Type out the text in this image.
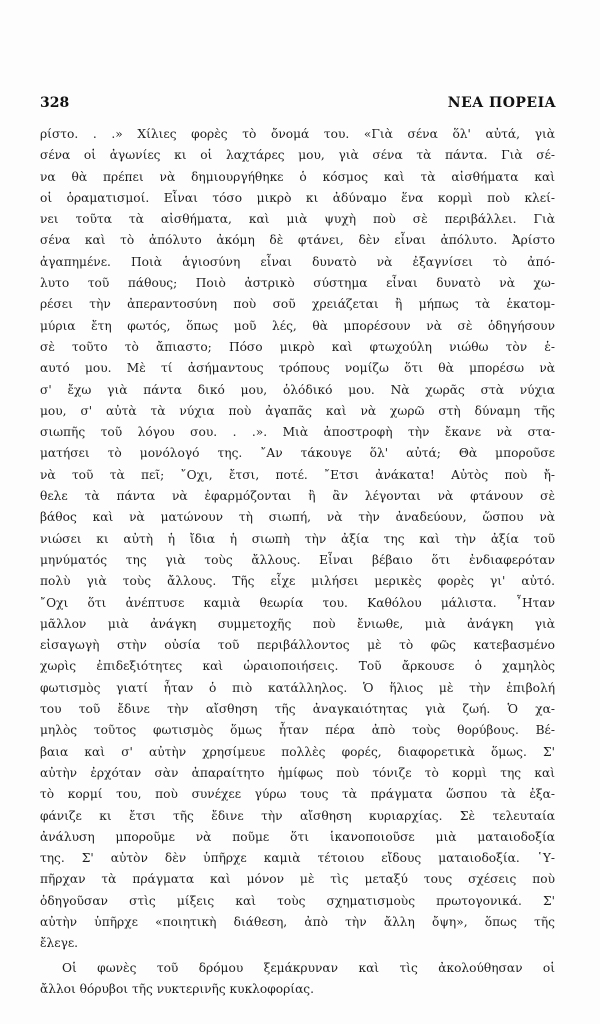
328	ΝΕΑ ΠΟΡΕΙΑ
ρίστο. . .» Χίλιες φορὲς τὸ ὄνομά του. «Γιὰ σένα ὅλ' αὐτά, γιὰ
σένα οἱ ἀγωνίες κι οἱ λαχτάρες μου, γιὰ σένα τὰ πάντα. Γιὰ σέ-
να θὰ πρέπει νὰ δημιουργήθηκε ὁ κόσμος καὶ τὰ αἰσθήματα καὶ
οἱ ὁραματισμοί. Εἶναι τόσο μικρὸ κι ἀδύναμο ἕνα κορμὶ ποὺ κλεί-
νει τοῦτα τὰ αἰσθήματα, καὶ μιὰ ψυχὴ ποὺ σὲ περιβάλλει. Γιὰ
σένα καὶ τὸ ἀπόλυτο ἀκόμη δὲ φτάνει, δὲν εἶναι ἀπόλυτο. Ἀρίστο
ἀγαπημένε. Ποιὰ ἁγιοσύνη εἶναι δυνατὸ νὰ ἐξαγνίσει τὸ ἀπό-
λυτο τοῦ πάθους; Ποιὸ ἀστρικὸ σύστημα εἶναι δυνατὸ νὰ χω-
ρέσει τὴν ἀπεραντοσύνη ποὺ σοῦ χρειάζεται ἢ μήπως τὰ ἑκατομ-
μύρια ἔτη φωτός, ὅπως μοῦ λές, θὰ μπορέσουν νὰ σὲ ὁδηγήσουν
σὲ τοῦτο τὸ ἄπιαστο; Πόσο μικρὸ καὶ φτωχούλη νιώθω τὸν ἑ-
αυτό μου. Μὲ τί ἀσήμαντους τρόπους νομίζω ὅτι θὰ μπορέσω νὰ
σ' ἔχω γιὰ πάντα δικό μου, ὁλόδικό μου. Νὰ χωρᾶς στὰ νύχια
μου, σ' αὐτὰ τὰ νύχια ποὺ ἀγαπᾶς καὶ νὰ χωρῶ στὴ δύναμη τῆς
σιωπῆς τοῦ λόγου σου. . .». Μιὰ ἀποστροφὴ τὴν ἔκανε νὰ στα-
ματήσει τὸ μονόλογό της. ῎Αν τάκουγε ὅλ' αὐτά; Θὰ μποροῦσε
νὰ τοῦ τὰ πεῖ; ῎Οχι, ἔτσι, ποτέ. ῎Ετσι ἀνάκατα! Αὐτὸς ποὺ ἤ-
θελε τὰ πάντα νὰ ἐφαρμόζονται ἢ ἂν λέγονται νὰ φτάνουν σὲ
βάθος καὶ νὰ ματώνουν τὴ σιωπή, νὰ τὴν ἀναδεύουν, ὥσπου νὰ
νιώσει κι αὐτὴ ἡ ἴδια ἡ σιωπὴ τὴν ἀξία της καὶ τὴν ἀξία τοῦ
μηνύματός της γιὰ τοὺς ἄλλους. Εἶναι βέβαιο ὅτι ἐνδιαφερόταν
πολὺ γιὰ τοὺς ἄλλους. Τῆς εἶχε μιλήσει μερικὲς φορὲς γι' αὐτό.
῎Οχι ὅτι ἀνέπτυσε καμιὰ θεωρία του. Καθόλου μάλιστα. ῏Ηταν
μᾶλλον μιὰ ἀνάγκη συμμετοχῆς ποὺ ἔνιωθε, μιὰ ἀνάγκη γιὰ
εἰσαγωγὴ στὴν οὐσία τοῦ περιβάλλοντος μὲ τὸ φῶς κατεβασμένο
χωρὶς ἐπιδεξιότητες καὶ ὡραιοποιήσεις. Τοῦ ἄρκουσε ὁ χαμηλὸς
φωτισμὸς γιατί ἦταν ὁ πιὸ κατάλληλος. Ὁ ἥλιος μὲ τὴν ἐπιβολή
του τοῦ ἔδινε τὴν αἴσθηση τῆς ἀναγκαιότητας γιὰ ζωή. Ὁ χα-
μηλὸς τοῦτος φωτισμὸς ὅμως ἦταν πέρα ἀπὸ τοὺς θορύβους. Βέ-
βαια καὶ σ' αὐτὴν χρησίμευε πολλὲς φορές, διαφορετικὰ ὅμως. Σ'
αὐτὴν ἐρχόταν σὰν ἀπαραίτητο ἡμίφως ποὺ τόνιζε τὸ κορμὶ της καὶ
τὸ κορμί του, ποὺ συνέχεε γύρω τους τὰ πράγματα ὥσπου τὰ ἐξα-
φάνιζε κι ἔτσι τῆς ἔδινε τὴν αἴσθηση κυριαρχίας. Σὲ τελευταία
ἀνάλυση μποροῦμε νὰ ποῦμε ὅτι ἱκανοποιοῦσε μιὰ ματαιοδοξία
της. Σ' αὐτὸν δὲν ὑπῆρχε καμιὰ τέτοιου εἴδους ματαιοδοξία. ῾Υ-
πῆρχαν τὰ πράγματα καὶ μόνον μὲ τὶς μεταξύ τους σχέσεις ποὺ
ὁδηγοῦσαν στὶς μίξεις καὶ τοὺς σχηματισμοὺς πρωτογονικά. Σ'
αὐτὴν ὑπῆρχε «ποιητικὴ διάθεση, ἀπὸ τὴν ἄλλη ὄψη», ὅπως τῆς
ἔλεγε.
Οἱ φωνὲς τοῦ δρόμου ξεμάκρυναν καὶ τὶς ἀκολούθησαν οἱ
ἄλλοι θόρυβοι τῆς νυκτερινῆς κυκλοφορίας.
